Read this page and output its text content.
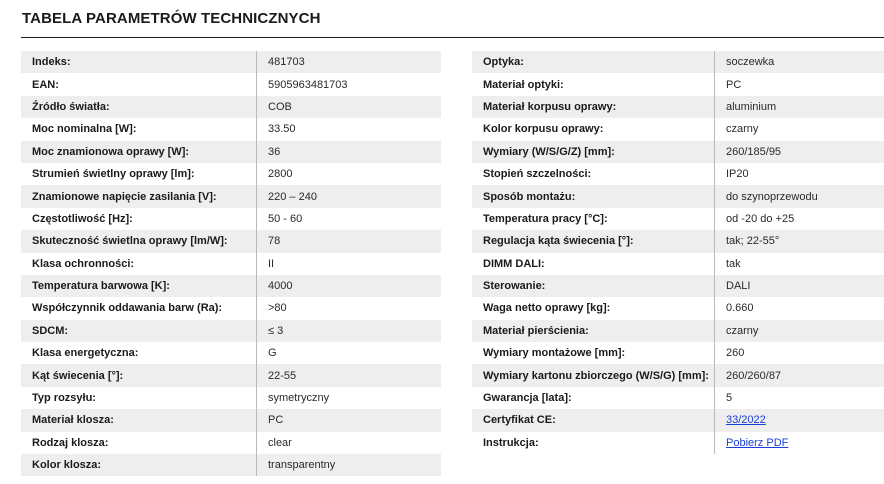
TABELA PARAMETRÓW TECHNICZNYCH
Indeks:	481703
EAN:	5905963481703
Źródło światła:	COB
Moc nominalna [W]:	33.50
Moc znamionowa oprawy [W]:	36
Strumień świetlny oprawy [lm]:	2800
Znamionowe napięcie zasilania [V]:	220 – 240
Częstotliwość [Hz]:	50 - 60
Skuteczność świetlna oprawy [lm/W]:	78
Klasa ochronności:	II
Temperatura barwowa [K]:	4000
Współczynnik oddawania barw (Ra):	>80
SDCM:	≤ 3
Klasa energetyczna:	G
Kąt świecenia [°]:	22-55
Typ rozsyłu:	symetryczny
Materiał klosza:	PC
Rodzaj klosza:	clear
Kolor klosza:	transparentny
Optyka:	soczewka
Materiał optyki:	PC
Materiał korpusu oprawy:	aluminium
Kolor korpusu oprawy:	czarny
Wymiary (W/S/G/Z) [mm]:	260/185/95
Stopień szczelności:	IP20
Sposób montażu:	do szynoprzewodu
Temperatura pracy [°C]:	od -20 do +25
Regulacja kąta świecenia [°]:	tak; 22-55°
DIMM DALI:	tak
Sterowanie:	DALI
Waga netto oprawy [kg]:	0.660
Materiał pierścienia:	czarny
Wymiary montażowe [mm]:	260
Wymiary kartonu zbiorczego (W/S/G) [mm]:	260/260/87
Gwarancja [lata]:	5
Certyfikat CE:	33/2022
Instrukcja:	Pobierz PDF
